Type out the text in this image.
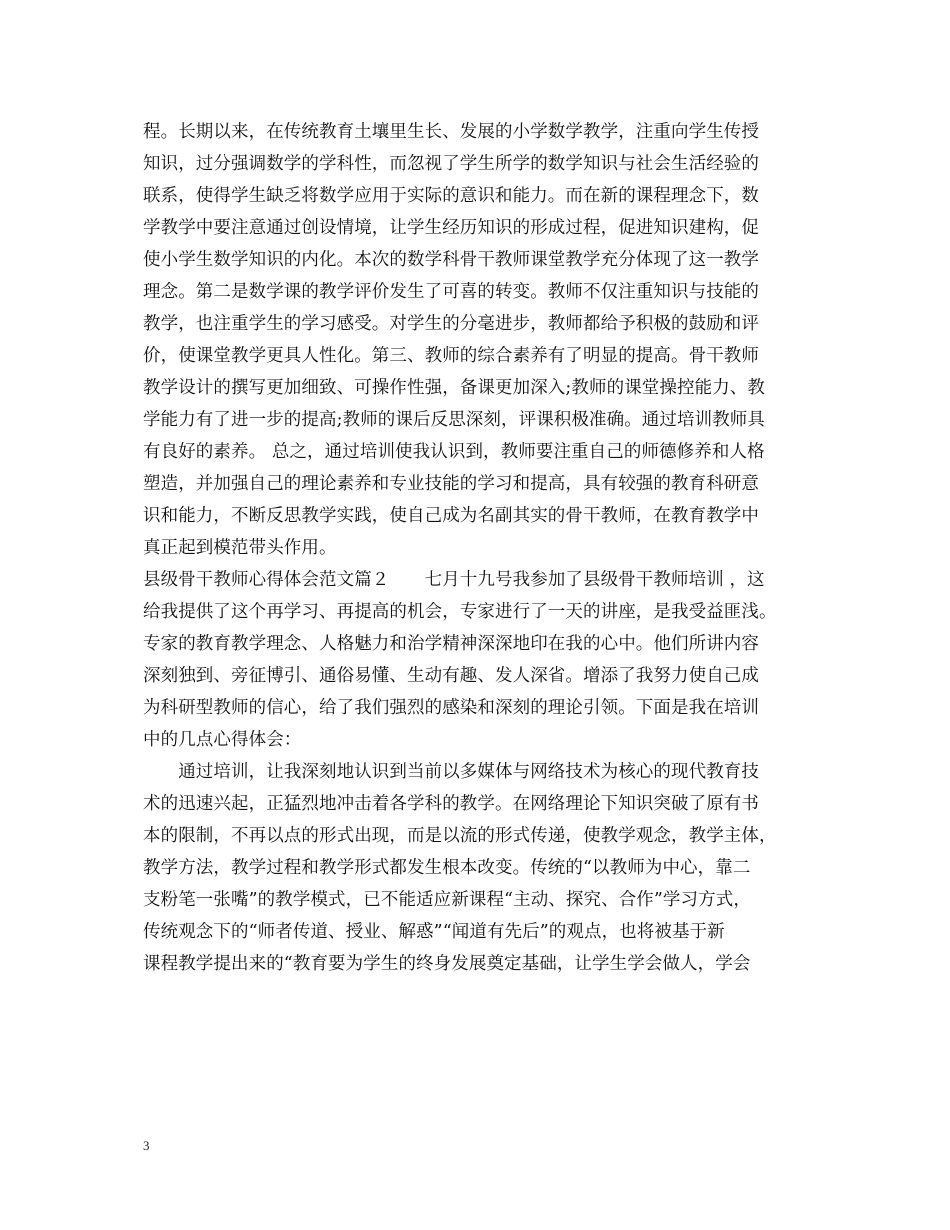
程。长期以来，在传统教育土壤里生长、发展的小学数学教学，注重向学生传授
知识，过分强调数学的学科性，而忽视了学生所学的数学知识与社会生活经验的
联系，使得学生缺乏将数学应用于实际的意识和能力。而在新的课程理念下，数
学教学中要注意通过创设情境，让学生经历知识的形成过程，促进知识建构，促
使小学生数学知识的内化。本次的数学科骨干教师课堂教学充分体现了这一教学
理念。第二是数学课的教学评价发生了可喜的转变。教师不仅注重知识与技能的
教学，也注重学生的学习感受。对学生的分毫进步，教师都给予积极的鼓励和评
价，使课堂教学更具人性化。第三、教师的综合素养有了明显的提高。骨干教师
教学设计的撰写更加细致、可操作性强，备课更加深入;教师的课堂操控能力、教
学能力有了进一步的提高;教师的课后反思深刻，评课积极准确。通过培训教师具
有良好的素养。 总之，通过培训使我认识到，教师要注重自己的师德修养和人格
塑造，并加强自己的理论素养和专业技能的学习和提高，具有较强的教育科研意
识和能力，不断反思教学实践，使自己成为名副其实的骨干教师，在教育教学中
真正起到模范带头作用。
县级骨干教师心得体会范文篇２　　七月十九号我参加了县级骨干教师培训 ，这
给我提供了这个再学习、再提高的机会，专家进行了一天的讲座，是我受益匪浅。
专家的教育教学理念、人格魅力和治学精神深深地印在我的心中。他们所讲内容
深刻独到、旁征博引、通俗易懂、生动有趣、发人深省。增添了我努力使自己成
为科研型教师的信心，给了我们强烈的感染和深刻的理论引领。下面是我在培训
中的几点心得体会：
　　通过培训，让我深刻地认识到当前以多媒体与网络技术为核心的现代教育技
术的迅速兴起，正猛烈地冲击着各学科的教学。在网络理论下知识突破了原有书
本的限制，不再以点的形式出现，而是以流的形式传递，使教学观念，教学主体，
教学方法，教学过程和教学形式都发生根本改变。传统的“以教师为中心，靠二
支粉笔一张嘴”的教学模式，已不能适应新课程“主动、探究、合作”学习方式，
传统观念下的“师者传道、授业、解惑”“闻道有先后”的观点，也将被基于新
课程教学提出来的“教育要为学生的终身发展奠定基础，让学生学会做人，学会
3
